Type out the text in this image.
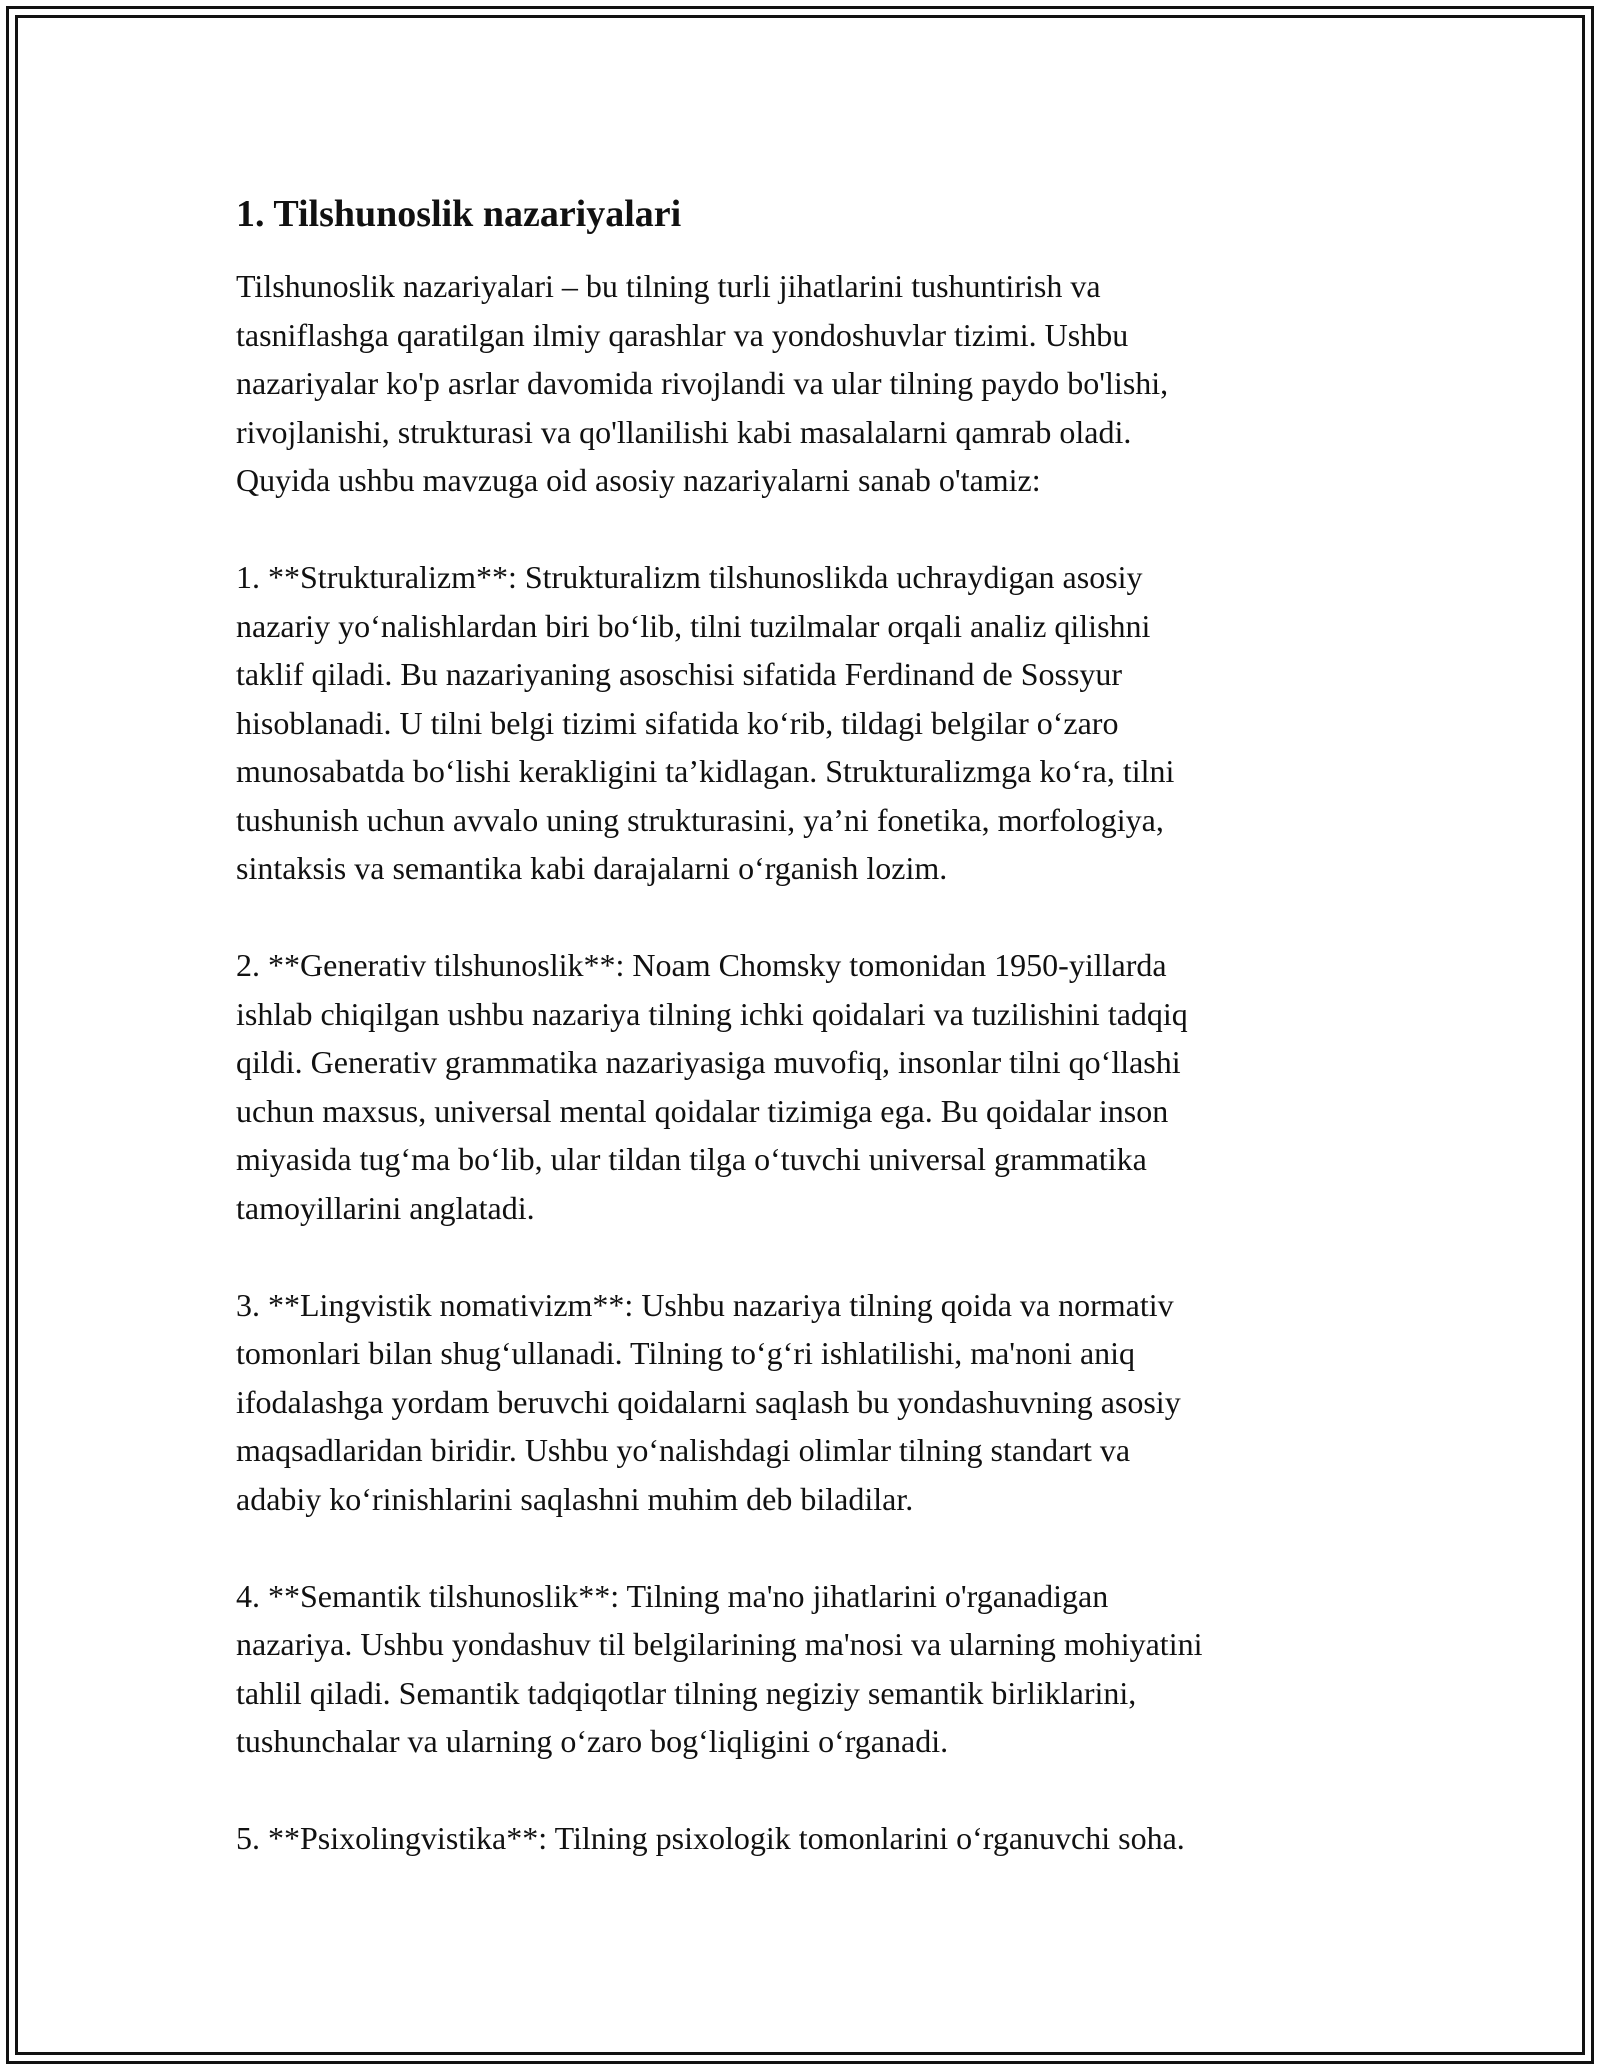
1. Tilshunoslik nazariyalari

Tilshunoslik nazariyalari – bu tilning turli jihatlarini tushuntirish va
tasniflashga qaratilgan ilmiy qarashlar va yondoshuvlar tizimi. Ushbu
nazariyalar ko'p asrlar davomida rivojlandi va ular tilning paydo bo'lishi,
rivojlanishi, strukturasi va qo'llanilishi kabi masalalarni qamrab oladi.
Quyida ushbu mavzuga oid asosiy nazariyalarni sanab o'tamiz:

1. **Strukturalizm**: Strukturalizm tilshunoslikda uchraydigan asosiy
nazariy yoʻnalishlardan biri boʻlib, tilni tuzilmalar orqali analiz qilishni
taklif qiladi. Bu nazariyaning asoschisi sifatida Ferdinand de Sossyur
hisoblanadi. U tilni belgi tizimi sifatida koʻrib, tildagi belgilar oʻzaro
munosabatda boʻlishi kerakligini taʼkidlagan. Strukturalizmga koʻra, tilni
tushunish uchun avvalo uning strukturasini, yaʼni fonetika, morfologiya,
sintaksis va semantika kabi darajalarni oʻrganish lozim.

2. **Generativ tilshunoslik**: Noam Chomsky tomonidan 1950-yillarda
ishlab chiqilgan ushbu nazariya tilning ichki qoidalari va tuzilishini tadqiq
qildi. Generativ grammatika nazariyasiga muvofiq, insonlar tilni qoʻllashi
uchun maxsus, universal mental qoidalar tizimiga ega. Bu qoidalar inson
miyasida tugʻma boʻlib, ular tildan tilga oʻtuvchi universal grammatika
tamoyillarini anglatadi.

3. **Lingvistik nomativizm**: Ushbu nazariya tilning qoida va normativ
tomonlari bilan shugʻullanadi. Tilning toʻgʻri ishlatilishi, ma'noni aniq
ifodalashga yordam beruvchi qoidalarni saqlash bu yondashuvning asosiy
maqsadlaridan biridir. Ushbu yoʻnalishdagi olimlar tilning standart va
adabiy koʻrinishlarini saqlashni muhim deb biladilar.

4. **Semantik tilshunoslik**: Tilning ma'no jihatlarini o'rganadigan
nazariya. Ushbu yondashuv til belgilarining ma'nosi va ularning mohiyatini
tahlil qiladi. Semantik tadqiqotlar tilning negiziy semantik birliklarini,
tushunchalar va ularning oʻzaro bogʻliqligini oʻrganadi.

5. **Psixolingvistika**: Tilning psixologik tomonlarini oʻrganuvchi soha.
